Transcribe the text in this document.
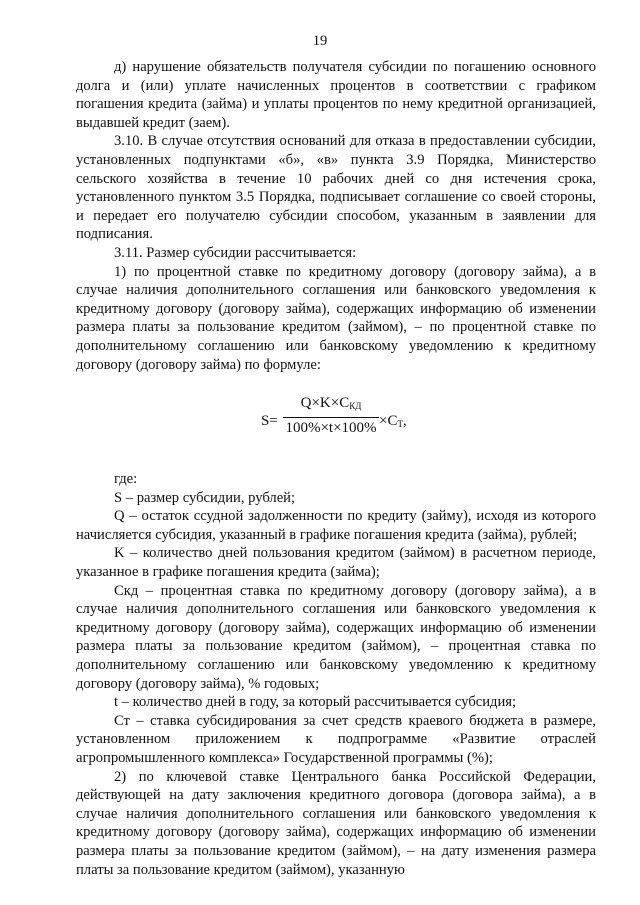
19

д) нарушение обязательств получателя субсидии по погашению основного долга и (или) уплате начисленных процентов в соответствии с графиком погашения кредита (займа) и уплаты процентов по нему кредитной организацией, выдавшей кредит (заем).

3.10. В случае отсутствия оснований для отказа в предоставлении субсидии, установленных подпунктами «б», «в» пункта 3.9 Порядка, Министерство сельского хозяйства в течение 10 рабочих дней со дня истечения срока, установленного пунктом 3.5 Порядка, подписывает соглашение со своей стороны, и передает его получателю субсидии способом, указанным в заявлении для подписания.

3.11. Размер субсидии рассчитывается:

1) по процентной ставке по кредитному договору (договору займа), а в случае наличия дополнительного соглашения или банковского уведомления к кредитному договору (договору займа), содержащих информацию об изменении размера платы за пользование кредитом (займом), – по процентной ставке по дополнительному соглашению или банковскому уведомлению к кредитному договору (договору займа) по формуле:

S=
$Q\times K\times C_{КД}$
$100\%\times t\times 100\% \times C_Т$,

где:

S – размер субсидии, рублей;

Q – остаток ссудной задолженности по кредиту (займу), исходя из которого начисляется субсидия, указанный в графике погашения кредита (займа), рублей;

K – количество дней пользования кредитом (займом) в расчетном периоде, указанное в графике погашения кредита (займа);

Скд – процентная ставка по кредитному договору (договору займа), а в случае наличия дополнительного соглашения или банковского уведомления к кредитному договору (договору займа), содержащих информацию об изменении размера платы за пользование кредитом (займом), – процентная ставка по дополнительному соглашению или банковскому уведомлению к кредитному договору (договору займа), % годовых;

t – количество дней в году, за который рассчитывается субсидия;

Ст – ставка субсидирования за счет средств краевого бюджета в размере, установленном приложением к подпрограмме «Развитие отраслей агропромышленного комплекса» Государственной программы (%);

2) по ключевой ставке Центрального банка Российской Федерации, действующей на дату заключения кредитного договора (договора займа), а в случае наличия дополнительного соглашения или банковского уведомления к кредитному договору (договору займа), содержащих информацию об изменении размера платы за пользование кредитом (займом), – на дату изменения размера платы за пользование кредитом (займом), указанную
